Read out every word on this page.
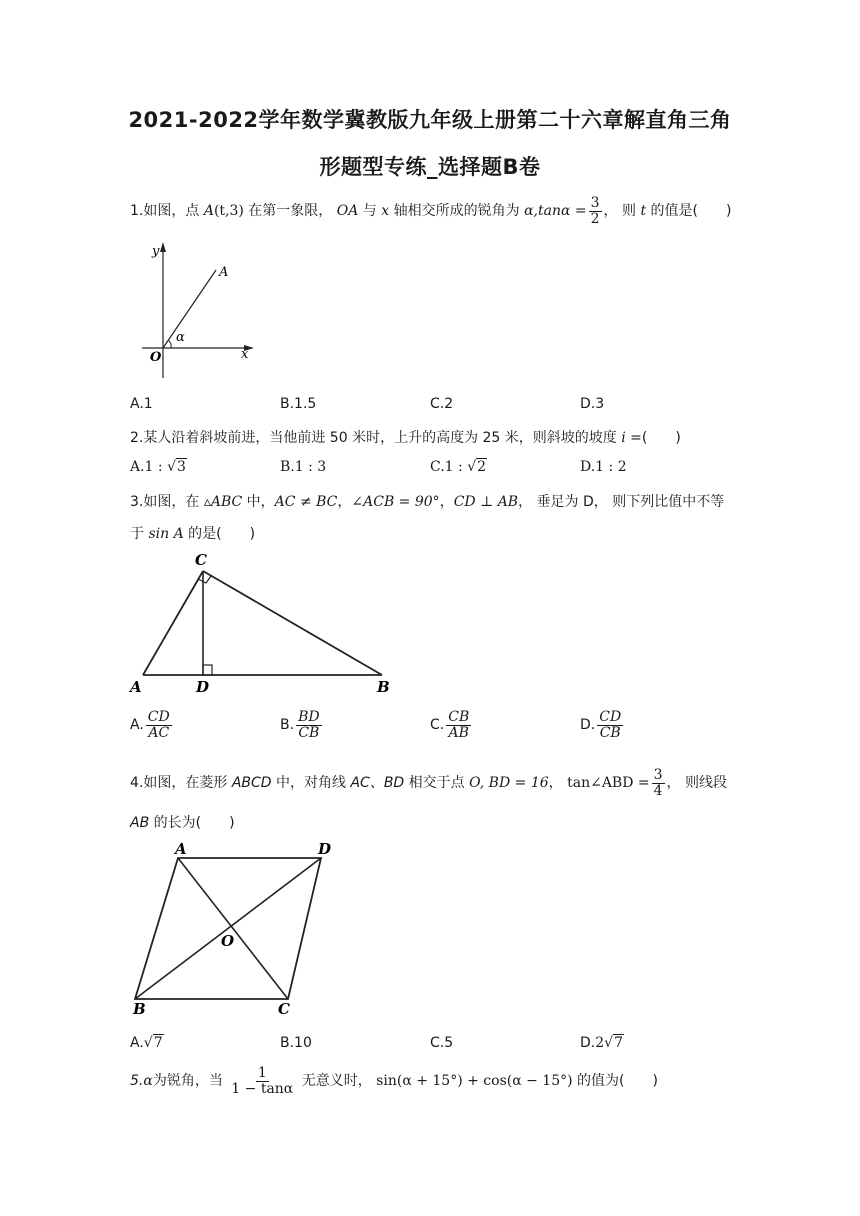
2021-2022学年数学冀教版九年级上册第二十六章解直角三角
形题型专练_选择题B卷
1.如图，点 A(t,3) 在第一象限， OA 与 x 轴相交所成的锐角为 $\alpha,\tan\alpha = \frac{3}{2}$ ， 则 t 的值是(　　)
y
A
α
O	x
A.1	B.1.5	C.2	D.3
2.某人沿着斜坡前进，当他前进 50 米时，上升的高度为 25 米，则斜坡的坡度 i =(　　)
A.1 : √3	B.1 : 3	C.1 : √2	D.1 : 2
3.如图，在 ▵ABC 中，AC ≠ BC，∠ACB = 90°，CD ⊥ AB， 垂足为 D， 则下列比值中不等
于 sin A 的是(　　)
C
A	D	B
A. $\frac{CD}{AC}$	B. $\frac{BD}{CB}$	C. $\frac{CB}{AB}$	D. $\frac{CD}{CB}$
4.如图，在菱形 ABCD 中，对角线 AC、BD 相交于点 O, BD = 16， tan∠ABD = $\frac{3}{4}$ ， 则线段
AB 的长为(　　)
A	D
O
B	C
A.√7	B.10	C.5	D.2√7
5.α为锐角，当 $\frac{1}{1 - \tan\alpha}$ 无意义时， sin(α + 15°) + cos(α − 15°) 的值为(　　)
